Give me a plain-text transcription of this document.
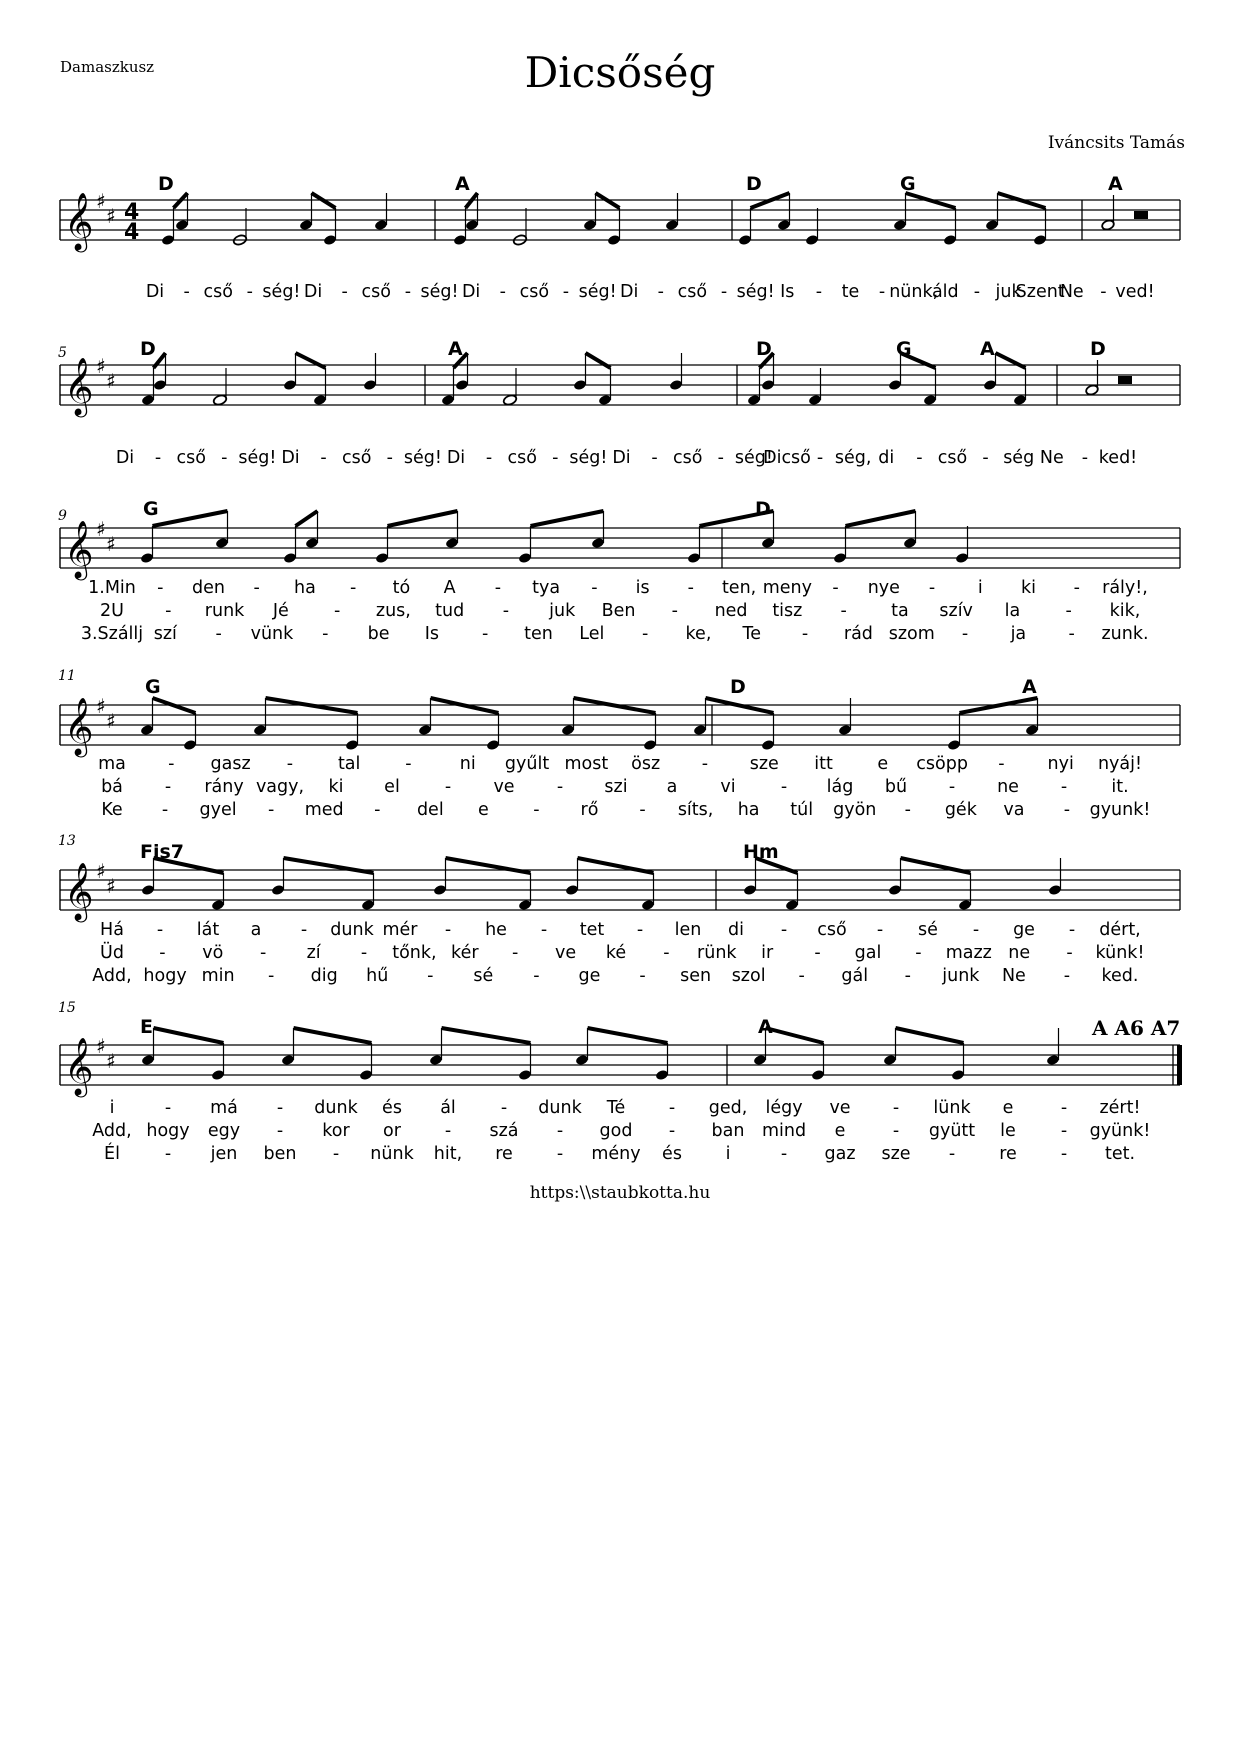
Damaszkusz	Dicsőség
Iváncsits Tamás
𝄞 ♯
♯ 4
4
D	A	D	G	A
Di - cső - ség! Di - cső - ség! Di - cső - ség! Di - cső - ség! Is - te - nünk,
áld - juk
Szent
Ne - ved!
𝄞 ♯
♯
5	D	A	D	G	A	D
Di - cső - ség! Di - cső - ség! Di - cső - ség! Di - cső - ség!
Dicső - ség, di - cső - ség Ne - ked!
𝄞 ♯
♯
9	G	D
1.Min - den - ha - tó A - tya - is - ten, meny - nye - i ki - rály!,
2U - runk Jé	- zus, tud - juk Ben - ned tisz -	ta szív la	- kik,
3.Szállj szí - vünk - be Is - ten Lel - ke, Te - rád szom - ja - zunk.
𝄞 ♯
♯
11	G	D	A
ma - gasz -	tal	-	ni gyűlt most ösz - sze itt	e csöpp - nyi nyáj!
bá - rány vagy, ki el	- ve - szi a vi	- lág bű - ne -	it.
Ke - gyel - med - del e	- rő - síts, ha túl gyön - gék va - gyunk!
𝄞 ♯
♯
13	Fis7	Hm
Há - lát a - dunk mér - he - tet - len di - cső - sé - ge - dért,
Üd - vö - zí - tőnk, kér - ve ké - rünk ir - gal - mazz ne - künk!
Add, hogy min - dig hű - sé - ge - sen szol - gál - junk Ne - ked.
𝄞 ♯
♯
15
E	A	A A6 A7
i	- má - dunk és ál	- dunk Té - ged, légy ve - lünk e	- zért!
Add, hogy egy - kor or	- szá - god - ban mind e	- gyütt le	- gyünk!
Él	- jen ben - nünk hit, re	- mény és i	- gaz sze -	re	- tet.
https:\\staubkotta.hu
